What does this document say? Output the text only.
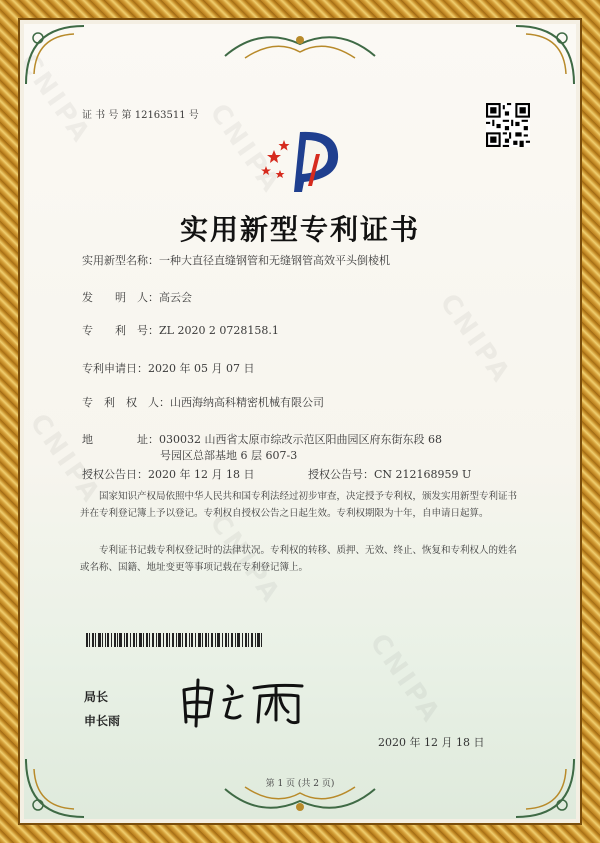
证 书 号 第 12163511 号
实用新型专利证书
实用新型名称：一种大直径直缝钢管和无缝钢管高效平头倒棱机
发　　明　人：高云会
专　　利　号：ZL 2020 2 0728158.1
专利申请日：2020 年 05 月 07 日
专　利　权　人：山西海纳高科精密机械有限公司
地　　　　址：030032 山西省太原市综改示范区阳曲园区府东街东段 68
号园区总部基地 6 层 607-3
授权公告日：2020 年 12 月 18 日	授权公告号：CN 212168959 U
国家知识产权局依照中华人民共和国专利法经过初步审查，决定授予专利权，颁发实用新型专利证书并在专利登记簿上予以登记。专利权自授权公告之日起生效。专利权期限为十年，自申请日起算。
专利证书记载专利权登记时的法律状况。专利权的转移、质押、无效、终止、恢复和专利权人的姓名或名称、国籍、地址变更等事项记载在专利登记簿上。
局长
申长雨
2020 年 12 月 18 日
第 1 页 (共 2 页)
